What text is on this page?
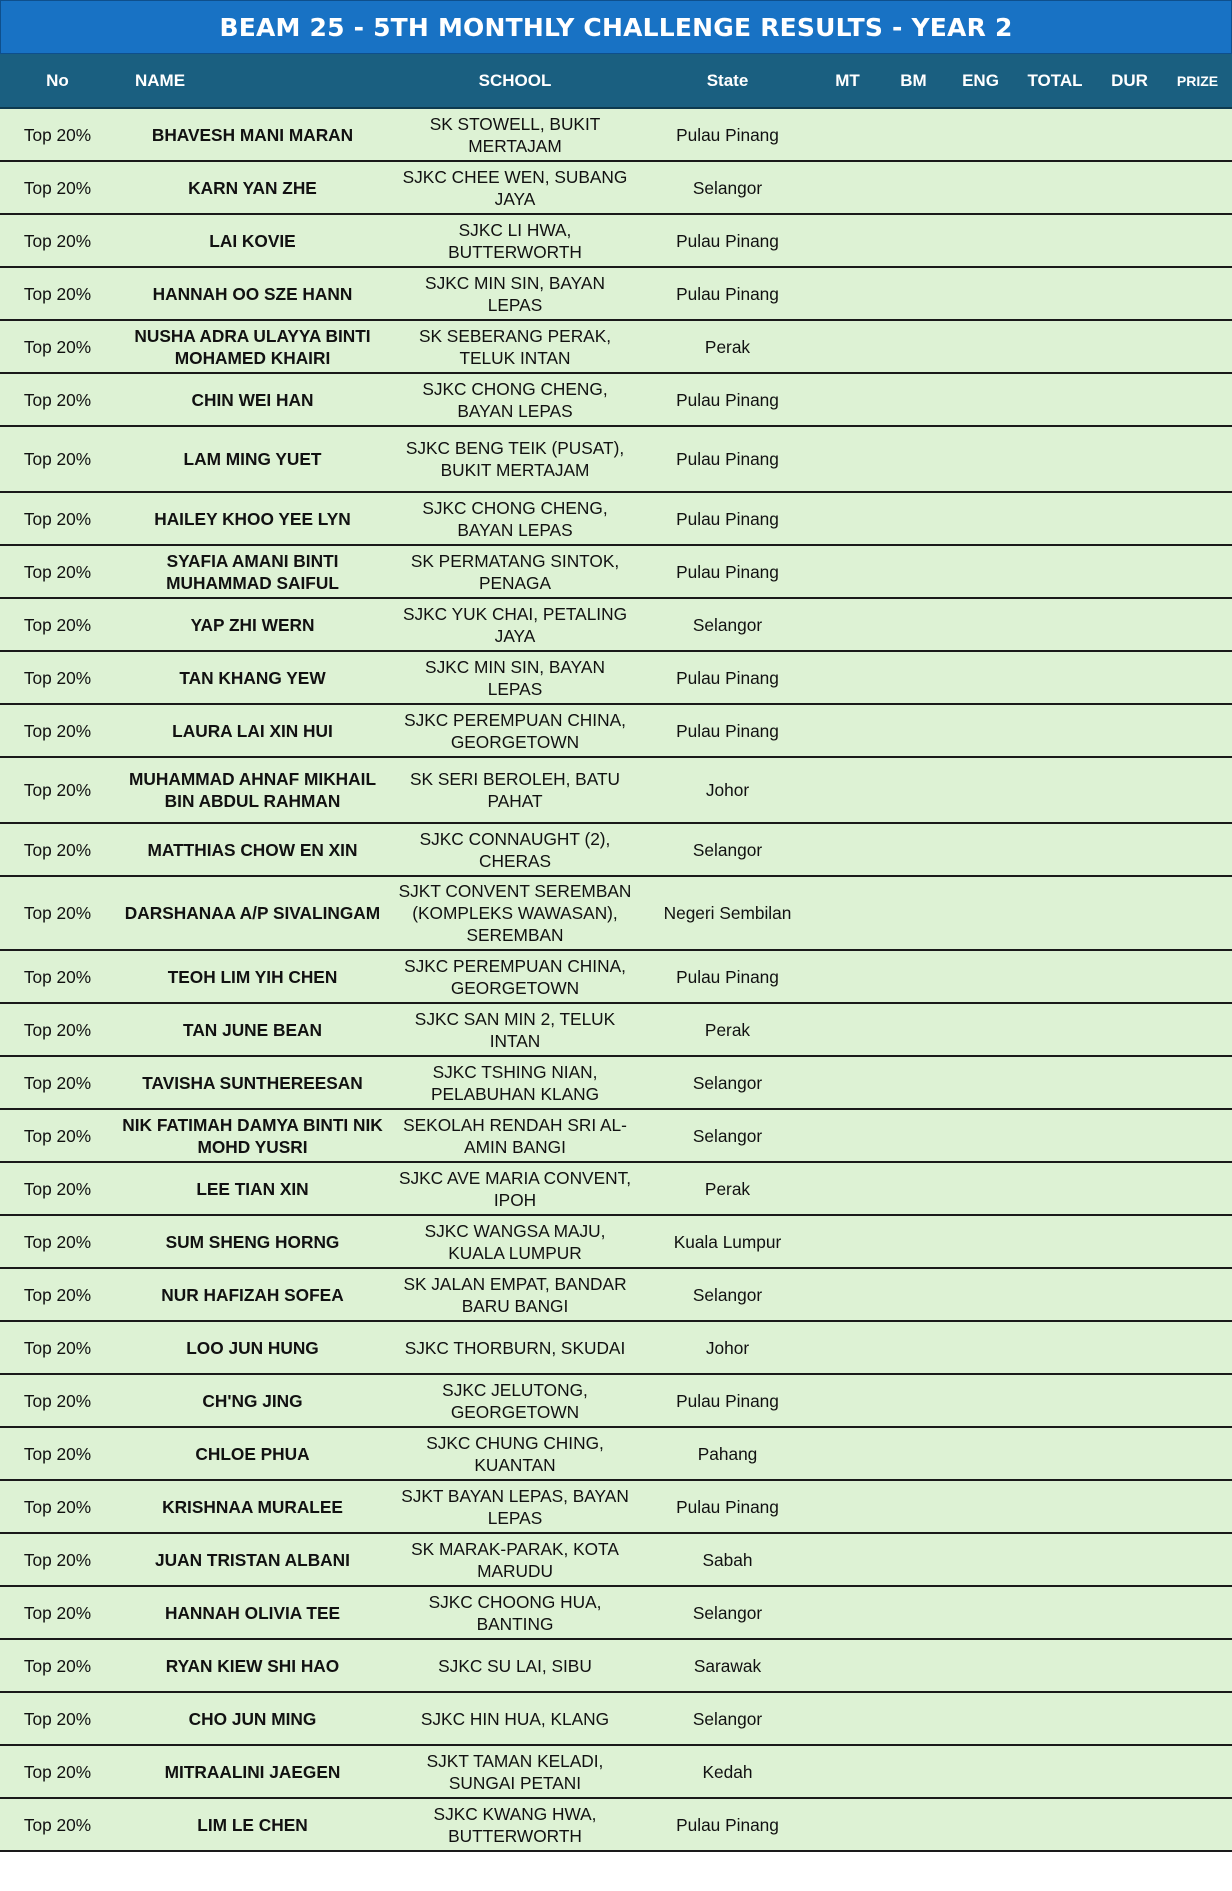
BEAM 25 - 5TH MONTHLY CHALLENGE RESULTS - YEAR 2
No	NAME	SCHOOL	State	MT	BM	ENG	TOTAL	DUR	PRIZE
Top 20%	BHAVESH MANI MARAN	SK STOWELL, BUKIT MERTAJAM	Pulau Pinang						
Top 20%	KARN YAN ZHE	SJKC CHEE WEN, SUBANG JAYA	Selangor						
Top 20%	LAI KOVIE	SJKC LI HWA, BUTTERWORTH	Pulau Pinang						
Top 20%	HANNAH OO SZE HANN	SJKC MIN SIN, BAYAN LEPAS	Pulau Pinang						
Top 20%	NUSHA ADRA ULAYYA BINTI MOHAMED KHAIRI	SK SEBERANG PERAK, TELUK INTAN	Perak						
Top 20%	CHIN WEI HAN	SJKC CHONG CHENG, BAYAN LEPAS	Pulau Pinang						
Top 20%	LAM MING YUET	SJKC BENG TEIK (PUSAT), BUKIT MERTAJAM	Pulau Pinang						
Top 20%	HAILEY KHOO YEE LYN	SJKC CHONG CHENG, BAYAN LEPAS	Pulau Pinang						
Top 20%	SYAFIA AMANI BINTI MUHAMMAD SAIFUL	SK PERMATANG SINTOK, PENAGA	Pulau Pinang						
Top 20%	YAP ZHI WERN	SJKC YUK CHAI, PETALING JAYA	Selangor						
Top 20%	TAN KHANG YEW	SJKC MIN SIN, BAYAN LEPAS	Pulau Pinang						
Top 20%	LAURA LAI XIN HUI	SJKC PEREMPUAN CHINA, GEORGETOWN	Pulau Pinang						
Top 20%	MUHAMMAD AHNAF MIKHAIL BIN ABDUL RAHMAN	SK SERI BEROLEH, BATU PAHAT	Johor						
Top 20%	MATTHIAS CHOW EN XIN	SJKC CONNAUGHT (2), CHERAS	Selangor						
Top 20%	DARSHANAA A/P SIVALINGAM	SJKT CONVENT SEREMBAN (KOMPLEKS WAWASAN), SEREMBAN	Negeri Sembilan						
Top 20%	TEOH LIM YIH CHEN	SJKC PEREMPUAN CHINA, GEORGETOWN	Pulau Pinang						
Top 20%	TAN JUNE BEAN	SJKC SAN MIN 2, TELUK INTAN	Perak						
Top 20%	TAVISHA SUNTHEREESAN	SJKC TSHING NIAN, PELABUHAN KLANG	Selangor						
Top 20%	NIK FATIMAH DAMYA BINTI NIK MOHD YUSRI	SEKOLAH RENDAH SRI AL-AMIN BANGI	Selangor						
Top 20%	LEE TIAN XIN	SJKC AVE MARIA CONVENT, IPOH	Perak						
Top 20%	SUM SHENG HORNG	SJKC WANGSA MAJU, KUALA LUMPUR	Kuala Lumpur						
Top 20%	NUR HAFIZAH SOFEA	SK JALAN EMPAT, BANDAR BARU BANGI	Selangor						
Top 20%	LOO JUN HUNG	SJKC THORBURN, SKUDAI	Johor						
Top 20%	CH'NG JING	SJKC JELUTONG, GEORGETOWN	Pulau Pinang						
Top 20%	CHLOE PHUA	SJKC CHUNG CHING, KUANTAN	Pahang						
Top 20%	KRISHNAA MURALEE	SJKT BAYAN LEPAS, BAYAN LEPAS	Pulau Pinang						
Top 20%	JUAN TRISTAN ALBANI	SK MARAK-PARAK, KOTA MARUDU	Sabah						
Top 20%	HANNAH OLIVIA TEE	SJKC CHOONG HUA, BANTING	Selangor						
Top 20%	RYAN KIEW SHI HAO	SJKC SU LAI, SIBU	Sarawak						
Top 20%	CHO JUN MING	SJKC HIN HUA, KLANG	Selangor						
Top 20%	MITRAALINI JAEGEN	SJKT TAMAN KELADI, SUNGAI PETANI	Kedah						
Top 20%	LIM LE CHEN	SJKC KWANG HWA, BUTTERWORTH	Pulau Pinang						
